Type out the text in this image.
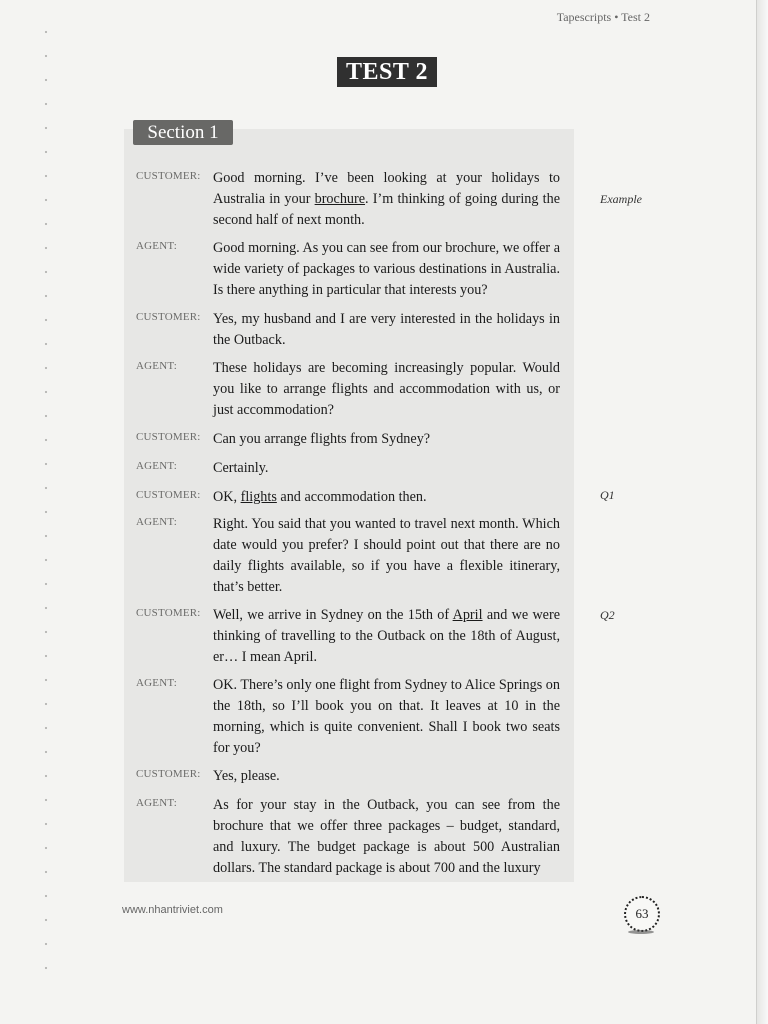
Tapescripts • Test 2
TEST 2
Section 1
CUSTOMER: Good morning. I’ve been looking at your holidays to Australia in your brochure. I’m thinking of going during the second half of next month.
Example
AGENT:	Good morning. As you can see from our brochure, we offer a wide variety of packages to various destinations in Australia. Is there anything in particular that interests you?
CUSTOMER: Yes, my husband and I are very interested in the holidays in the Outback.
AGENT:	These holidays are becoming increasingly popular. Would you like to arrange flights and accommodation with us, or just accommodation?
CUSTOMER: Can you arrange flights from Sydney?
AGENT:	Certainly.
CUSTOMER: OK, flights and accommodation then.	Q1
AGENT:	Right. You said that you wanted to travel next month. Which date would you prefer? I should point out that there are no daily flights available, so if you have a flexible itinerary, that’s better.
CUSTOMER: Well, we arrive in Sydney on the 15th of April and we were thinking of travelling to the Outback on the 18th of August, er… I mean April.
Q2
AGENT:	OK. There’s only one flight from Sydney to Alice Springs on the 18th, so I’ll book you on that. It leaves at 10 in the morning, which is quite convenient. Shall I book two seats for you?
CUSTOMER: Yes, please.
AGENT:	As for your stay in the Outback, you can see from the brochure that we offer three packages – budget, standard, and luxury. The budget package is about 500 Australian dollars. The standard package is about 700 and the luxury
www.nhantriviet.com	63
